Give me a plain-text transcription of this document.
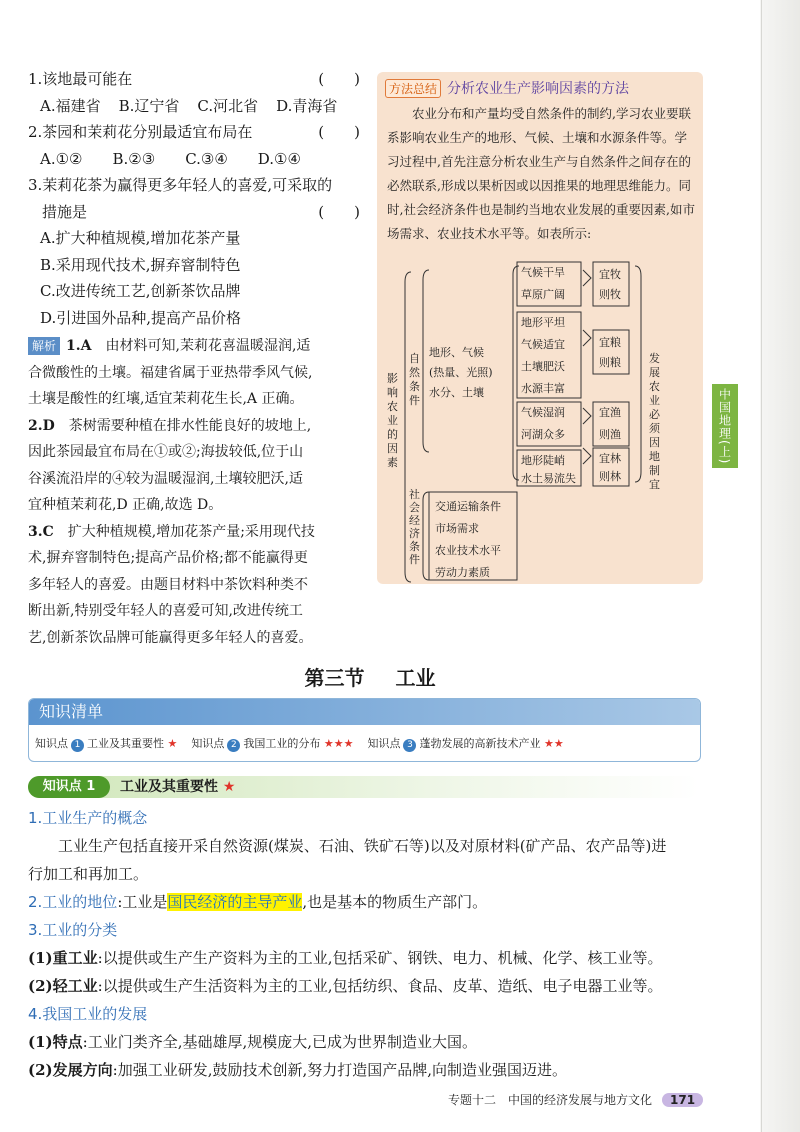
中国地理(上)
1.该地最可能在	(　　)
A.福建省 B.辽宁省 C.河北省 D.青海省
2.茶园和茉莉花分别最适宜布局在	(　　)
A.①② B.②③ C.③④ D.①④
3.茉莉花茶为赢得更多年轻人的喜爱,可采取的
措施是	(　　)
A.扩大种植规模,增加花茶产量
B.采用现代技术,摒弃窨制特色
C.改进传统工艺,创新茶饮品牌
D.引进国外品种,提高产品价格
解析 1.A　 由材料可知,茉莉花喜温暖湿润,适
合微酸性的土壤。福建省属于亚热带季风气候,
土壤是酸性的红壤,适宜茉莉花生长,A 正确。
2.D　 茶树需要种植在排水性能良好的坡地上,
因此茶园最宜布局在①或②;海拔较低,位于山
谷溪流沿岸的④较为温暖湿润,土壤较肥沃,适
宜种植茉莉花,D 正确,故选 D。
3.C　 扩大种植规模,增加花茶产量;采用现代技
术,摒弃窨制特色;提高产品价格;都不能赢得更
多年轻人的喜爱。由题目材料中茶饮料种类不
断出新,特别受年轻人的喜爱可知,改进传统工
艺,创新茶饮品牌可能赢得更多年轻人的喜爱。
方法总结 分析农业生产影响因素的方法
农业分布和产量均受自然条件的制约,学习农业要联系影响农业生产的地形、气候、土壤和水源条件等。学习过程中,首先注意分析农业生产与自然条件之间存在的必然联系,形成以果析因或以因推果的地理思维能力。同时,社会经济条件也是制约当地农业发展的重要因素,如市场需求、农业技术水平等。如表所示:
影
响
农
业
的
因
素
自
然
条
件
社
会
经
济
条
件
地形、气候
(热量、光照)
水分、土壤
气候干旱
草原广阔
地形平坦
气候适宜
土壤肥沃
水源丰富
气候湿润
河湖众多
地形陡峭
水土易流失
宜牧
则牧
宜粮
则粮
宜渔
则渔
宜林
则林
交通运输条件
市场需求
农业技术水平
劳动力素质
发
展
农
业
必
须
因
地
制
宜
第三节 工业
知识清单
知识点 1 工业及其重要性 ★ 知识点 2 我国工业的分布 ★★★ 知识点 3 蓬勃发展的高新技术产业 ★★
知识点 1	工业及其重要性 ★
1.工业生产的概念
工业生产包括直接开采自然资源(煤炭、石油、铁矿石等)以及对原材料(矿产品、农产品等)进
行加工和再加工。
2.工业的地位:工业是国民经济的主导产业,也是基本的物质生产部门。
3.工业的分类
(1)重工业:以提供或生产生产资料为主的工业,包括采矿、钢铁、电力、机械、化学、核工业等。
(2)轻工业:以提供或生产生活资料为主的工业,包括纺织、食品、皮革、造纸、电子电器工业等。
4.我国工业的发展
(1)特点:工业门类齐全,基础雄厚,规模庞大,已成为世界制造业大国。
(2)发展方向:加强工业研发,鼓励技术创新,努力打造国产品牌,向制造业强国迈进。
专题十二　中国的经济发展与地方文化	171
